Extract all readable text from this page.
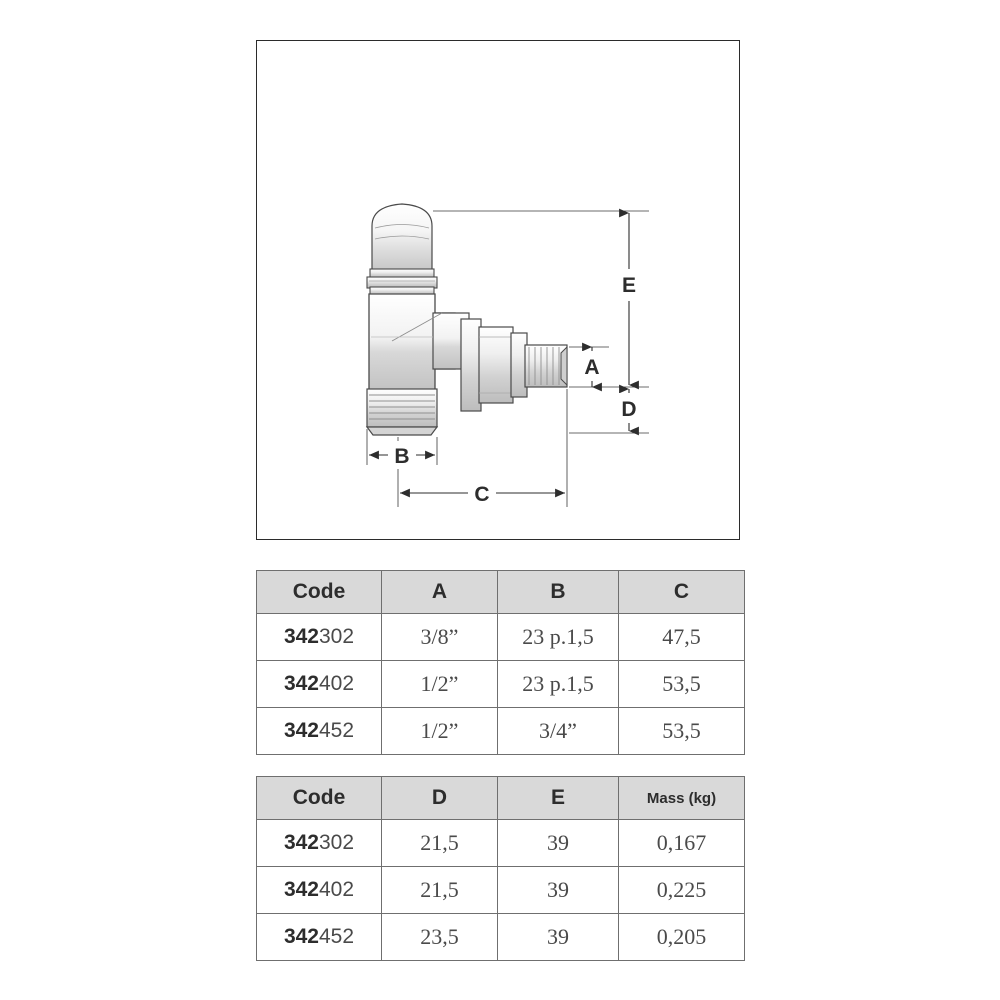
E
D
A
B
C
Code	A	B	C
342302	3/8”	23 p.1,5	47,5
342402	1/2”	23 p.1,5	53,5
342452	1/2”	3/4”	53,5
Code	D	E	Mass (kg)
342302	21,5	39	0,167
342402	21,5	39	0,225
342452	23,5	39	0,205
